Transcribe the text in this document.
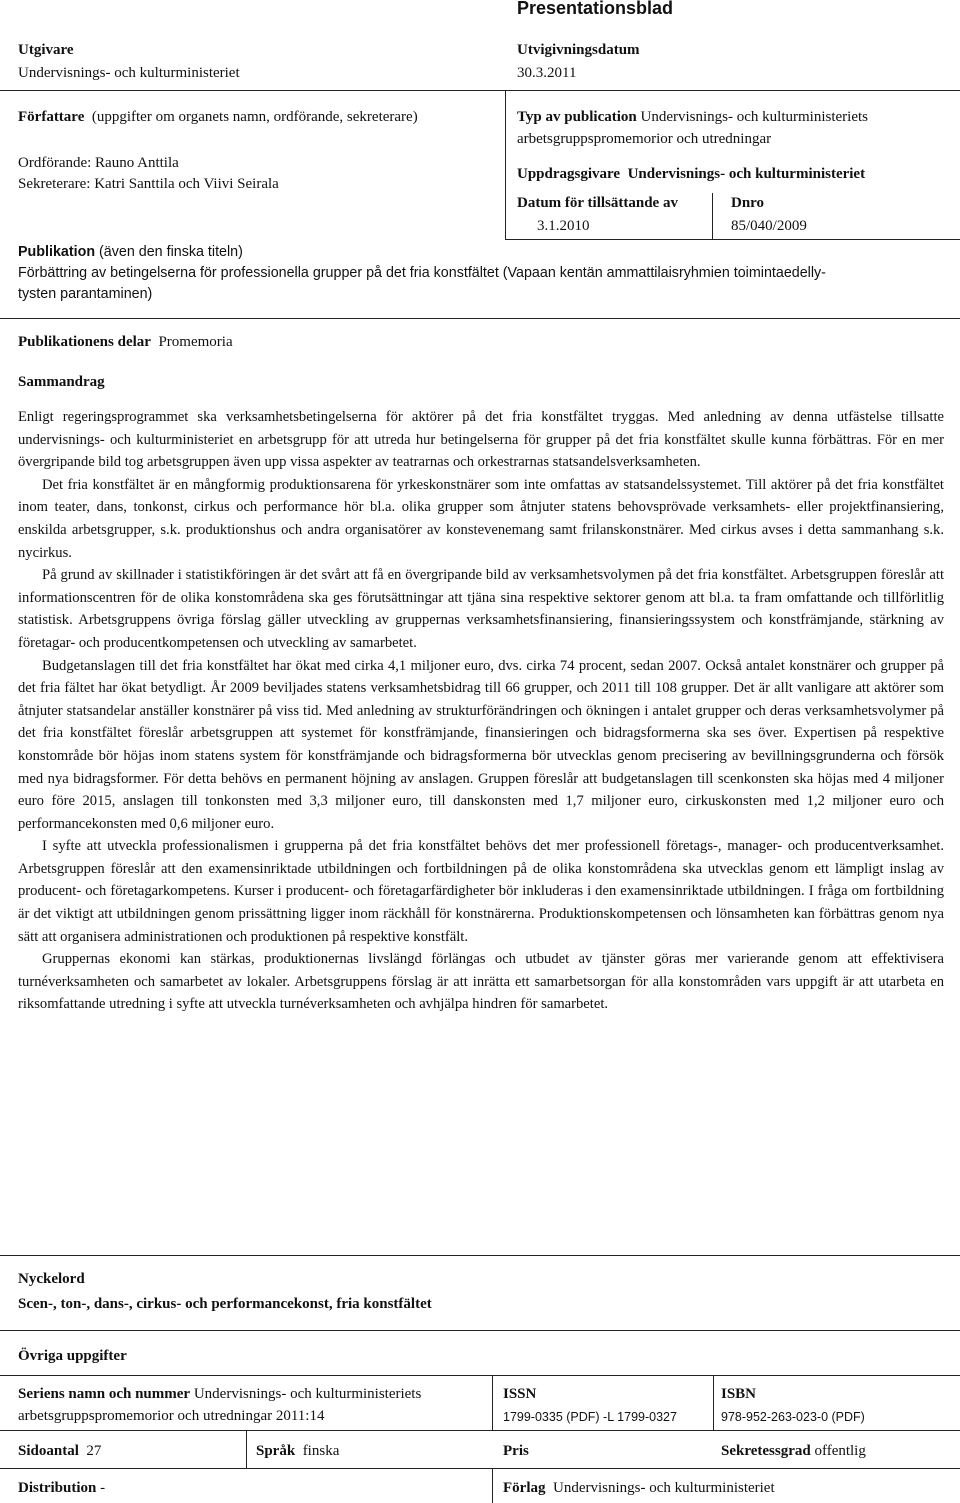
Presentationsblad
Utgivare
Undervisnings- och kulturministeriet
Utvigivningsdatum
30.3.2011
Författare (uppgifter om organets namn, ordförande, sekreterare)
Ordförande: Rauno Anttila
Sekreterare: Katri Santtila och Viivi Seirala
Typ av publication Undervisnings- och kulturministeriets
arbetsgruppspromemorior och utredningar
Uppdragsgivare Undervisnings- och kulturministeriet
Datum för tillsättande av
3.1.2010
Dnro
85/040/2009
Publikation (även den finska titeln)
Förbättring av betingelserna för professionella grupper på det fria konstfältet (Vapaan kentän ammattilaisryhmien toimintaedelly-
tysten parantaminen)
Publikationens delar Promemoria
Sammandrag

Enligt regeringsprogrammet ska verksamhetsbetingelserna för aktörer på det fria konstfältet tryggas. Med anledning av denna utfästelse tillsatte undervisnings- och kulturministeriet en arbetsgrupp för att utreda hur betingelserna för grupper på det fria konstfältet skulle kunna förbättras. För en mer övergripande bild tog arbetsgruppen även upp vissa aspekter av teatrarnas och orkestrarnas statsandelsverksamheten.

Det fria konstfältet är en mångformig produktionsarena för yrkeskonstnärer som inte omfattas av statsandelssystemet. Till aktörer på det fria konstfältet inom teater, dans, tonkonst, cirkus och performance hör bl.a. olika grupper som åtnjuter statens behovsprövade verksamhets- eller projektfinansiering, enskilda arbetsgrupper, s.k. produktionshus och andra organisatörer av konstevenemang samt frilanskonstnärer. Med cirkus avses i detta sammanhang s.k. nycirkus.

På grund av skillnader i statistikföringen är det svårt att få en övergripande bild av verksamhetsvolymen på det fria konstfältet. Arbetsgruppen föreslår att informationscentren för de olika konstområdena ska ges förutsättningar att tjäna sina respektive sektorer genom att bl.a. ta fram omfattande och tillförlitlig statistisk. Arbetsgruppens övriga förslag gäller utveckling av gruppernas verksamhetsfinansiering, finansieringssystem och konstfrämjande, stärkning av företagar- och producentkompetensen och utveckling av samarbetet.

Budgetanslagen till det fria konstfältet har ökat med cirka 4,1 miljoner euro, dvs. cirka 74 procent, sedan 2007. Också antalet konstnärer och grupper på det fria fältet har ökat betydligt. År 2009 beviljades statens verksamhetsbidrag till 66 grupper, och 2011 till 108 grupper. Det är allt vanligare att aktörer som åtnjuter statsandelar anställer konstnärer på viss tid. Med anledning av strukturförändringen och ökningen i antalet grupper och deras verksamhetsvolymer på det fria konstfältet föreslår arbetsgruppen att systemet för konstfrämjande, finansieringen och bidragsformerna ska ses över. Expertisen på respektive konstområde bör höjas inom statens system för konstfrämjande och bidragsformerna bör utvecklas genom precisering av bevillningsgrunderna och försök med nya bidragsformer. För detta behövs en permanent höjning av anslagen. Gruppen föreslår att budgetanslagen till scenkonsten ska höjas med 4 miljoner euro före 2015, anslagen till tonkonsten med 3,3 miljoner euro, till danskonsten med 1,7 miljoner euro, cirkuskonsten med 1,2 miljoner euro och performancekonsten med 0,6 miljoner euro.

I syfte att utveckla professionalismen i grupperna på det fria konstfältet behövs det mer professionell företags-, manager- och producentverksamhet. Arbetsgruppen föreslår att den examensinriktade utbildningen och fortbildningen på de olika konstområdena ska utvecklas genom ett lämpligt inslag av producent- och företagarkompetens. Kurser i producent- och företagarfärdigheter bör inkluderas i den examensinriktade utbildningen. I fråga om fortbildning är det viktigt att utbildningen genom prissättning ligger inom räckhåll för konstnärerna. Produktionskompetensen och lönsamheten kan förbättras genom nya sätt att organisera administrationen och produktionen på respektive konstfält.

Gruppernas ekonomi kan stärkas, produktionernas livslängd förlängas och utbudet av tjänster göras mer varierande genom att effektivisera turnéverksamheten och samarbetet av lokaler. Arbetsgruppens förslag är att inrätta ett samarbetsorgan för alla konstområden vars uppgift är att utarbeta en riksomfattande utredning i syfte att utveckla turnéverksamheten och avhjälpa hindren för samarbetet.

Nyckelord
Scen-, ton-, dans-, cirkus- och performancekonst, fria konstfältet
Övriga uppgifter
Seriens namn och nummer Undervisnings- och kulturministeriets
arbetsgruppspromemorior och utredningar 2011:14
ISSN
1799-0335 (PDF) -L 1799-0327
ISBN
978-952-263-023-0 (PDF)
Sidoantal 27	Språk finska	Pris	Sekretessgrad offentlig
Distribution -	Förlag Undervisnings- och kulturministeriet
